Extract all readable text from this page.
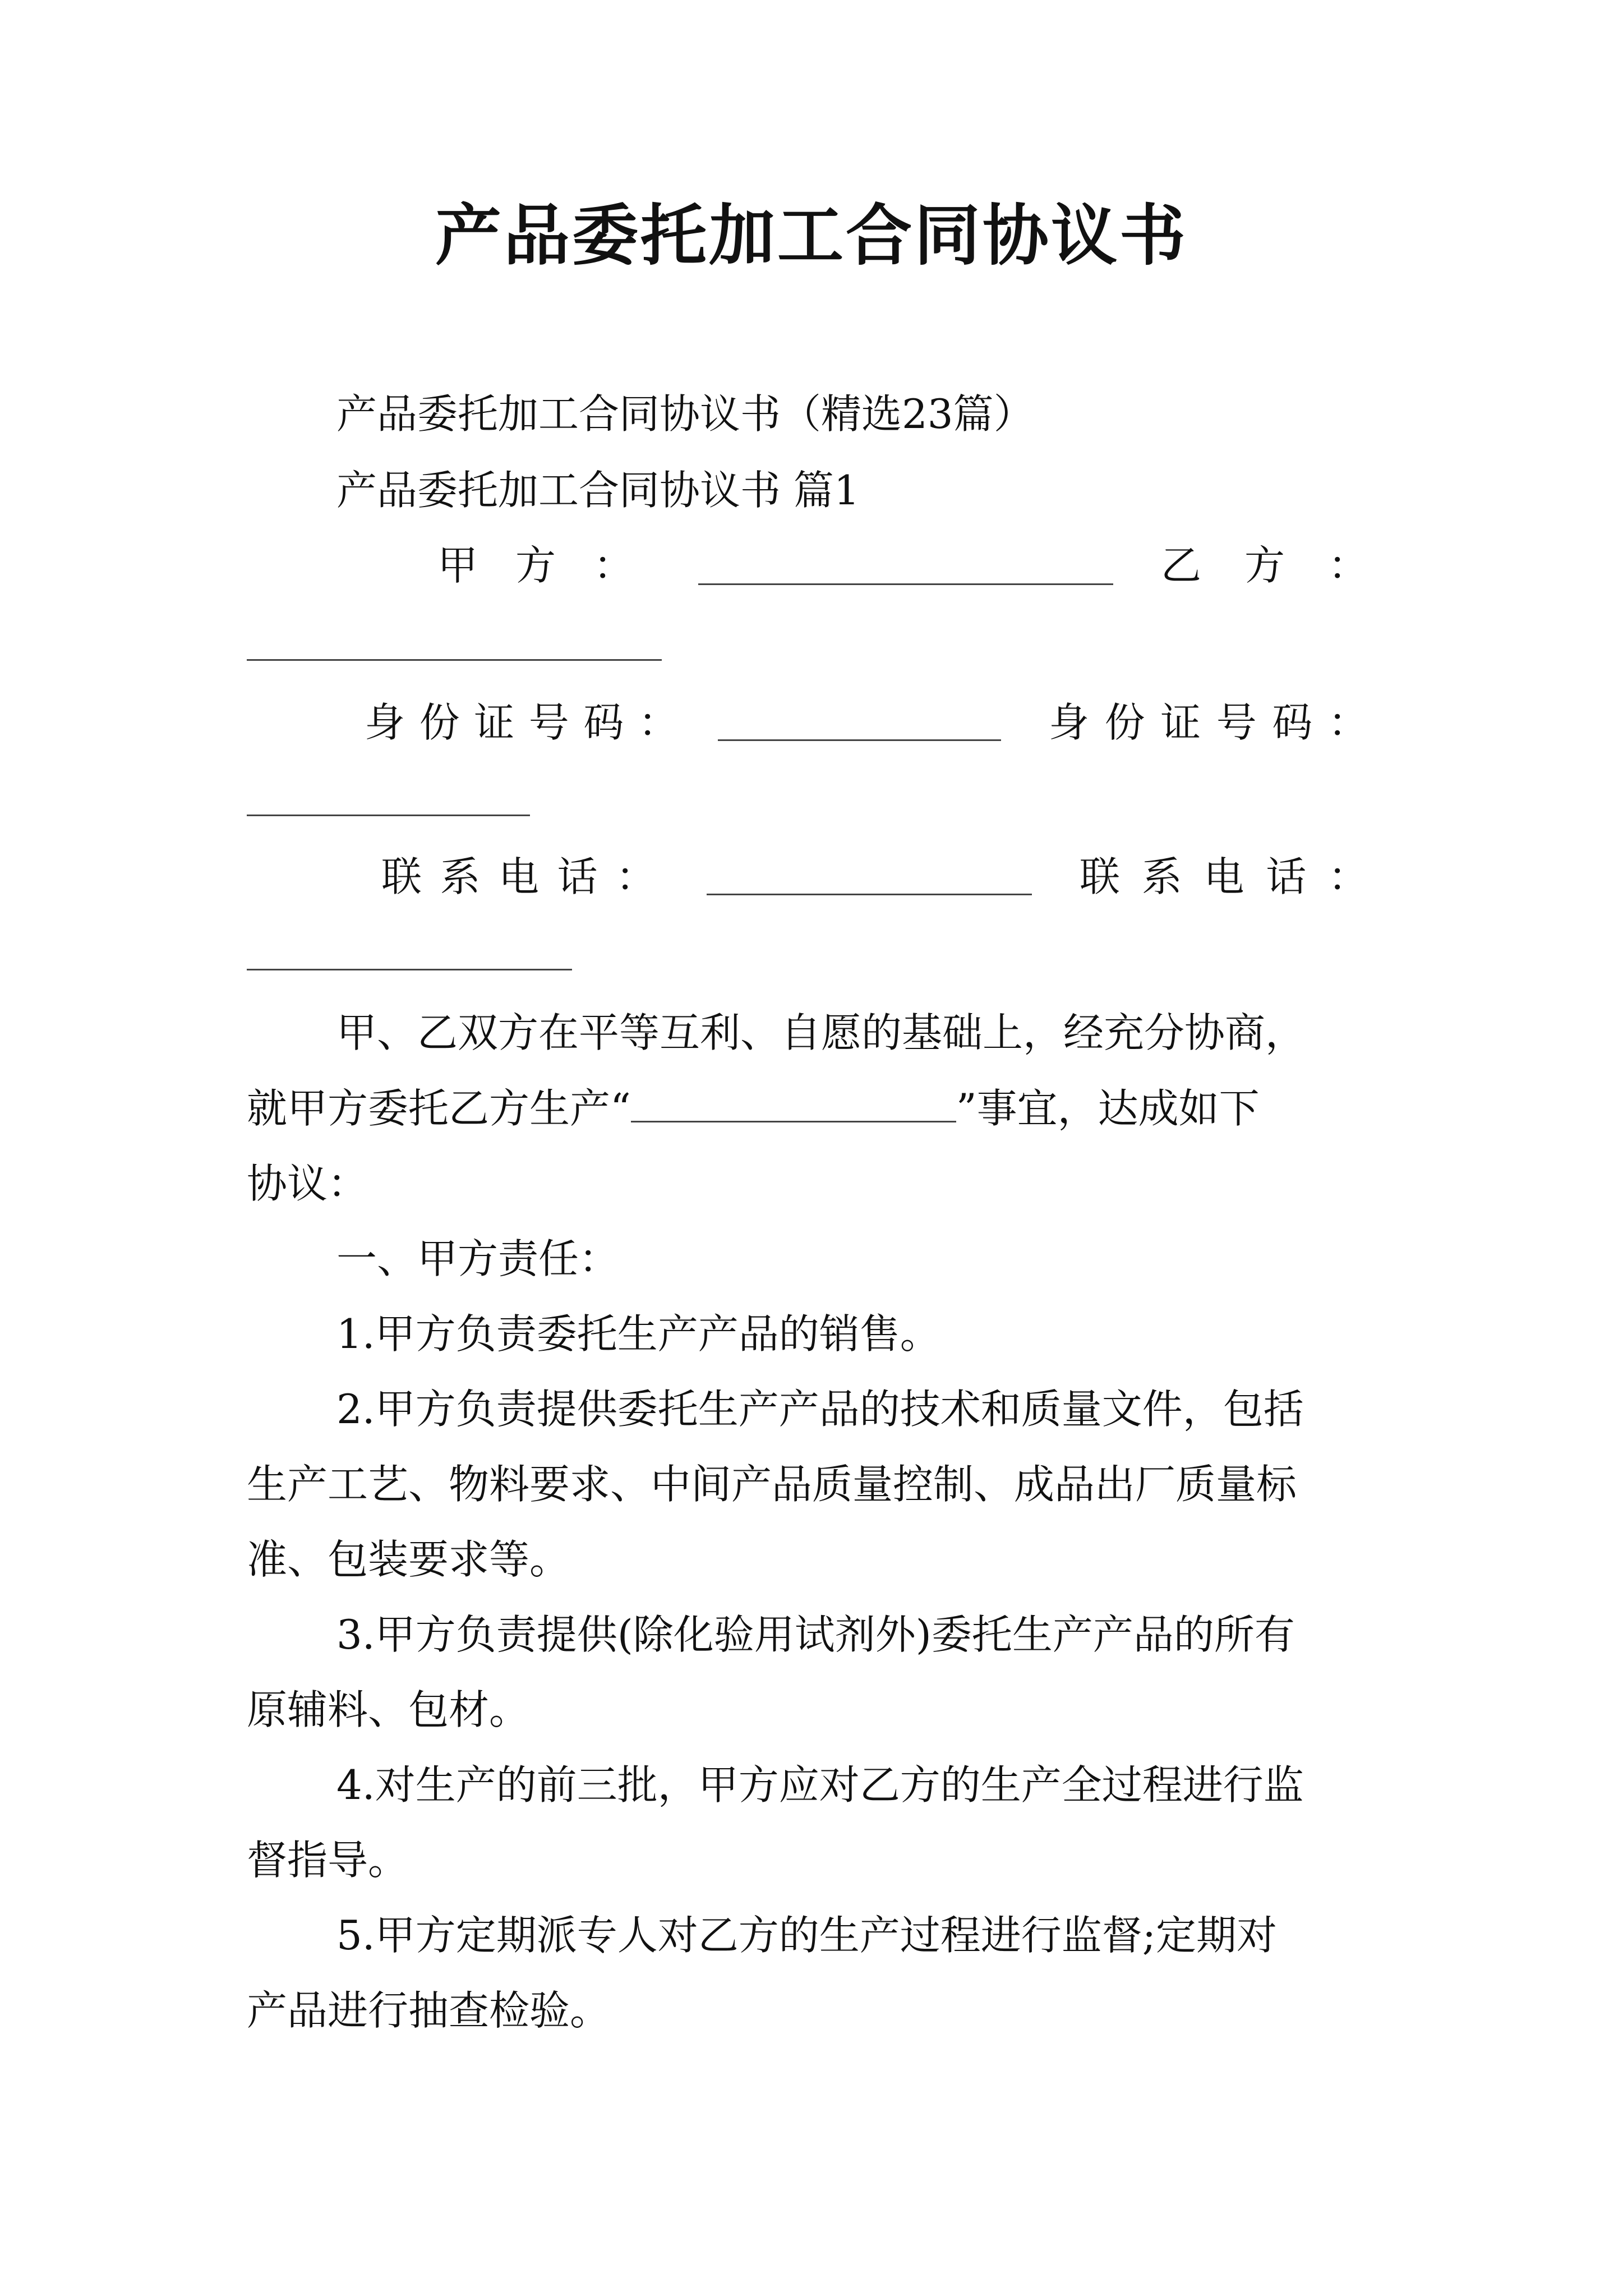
产品委托加工合同协议书
产品委托加工合同协议书（精选23篇）
产品委托加工合同协议书 篇1
甲 方 ：	乙 方 ：
身 份 证 号 码 ：	身 份 证 号 码 ：
联 系 电 话 ：	联 系 电 话 ：
甲、乙双方在平等互利、自愿的基础上，经充分协商，
就甲方委托乙方生产“	”事宜，达成如下
协议：
一、甲方责任：
1.甲方负责委托生产产品的销售。
2.甲方负责提供委托生产产品的技术和质量文件，包括
生产工艺、物料要求、中间产品质量控制、成品出厂质量标
准、包装要求等。
3.甲方负责提供(除化验用试剂外)委托生产产品的所有
原辅料、包材。
4.对生产的前三批，甲方应对乙方的生产全过程进行监
督指导。
5.甲方定期派专人对乙方的生产过程进行监督;定期对
产品进行抽查检验。
